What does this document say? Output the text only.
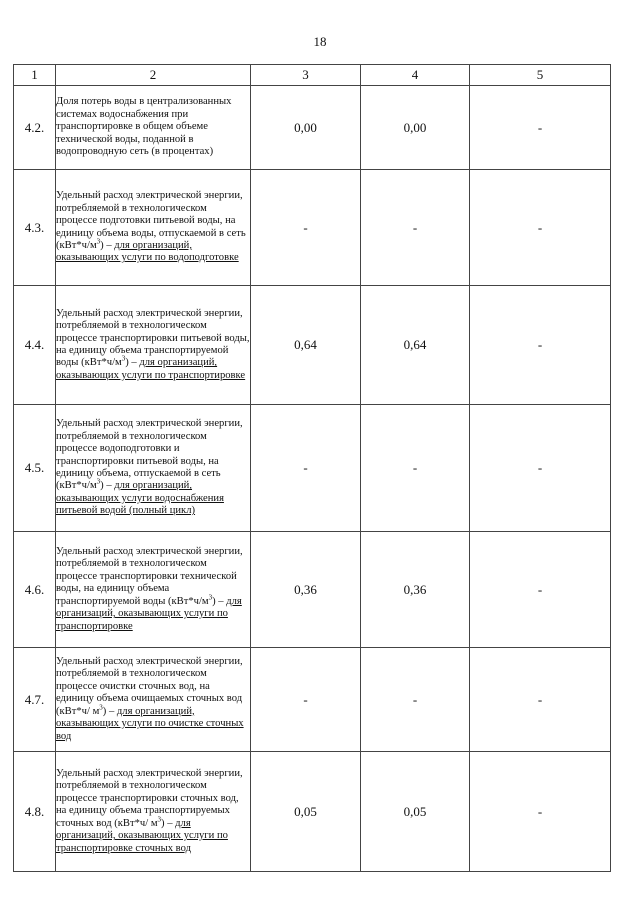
18
1	2	3	4	5
4.2.	Доля потерь воды в централизованных системах водоснабжения при транспортировке в общем объеме технической воды, поданной в водопроводную сеть (в процентах)	0,00	0,00	-
4.3.	Удельный расход электрической энергии, потребляемой в технологическом процессе подготовки питьевой воды, на единицу объема воды, отпускаемой в сеть $(кВт*ч/м^3)$ – для организаций, оказывающих услуги по водоподготовке	-	-	-
4.4.	Удельный расход электрической энергии, потребляемой в технологическом процессе транспортировки питьевой воды, на единицу объема транспортируемой воды $(кВт*ч/м^3)$ – для организаций, оказывающих услуги по транспортировке	0,64	0,64	-
4.5.	Удельный расход электрической энергии, потребляемой в технологическом процессе водоподготовки и транспортировки питьевой воды, на единицу объема, отпускаемой в сеть $(кВт*ч/м^3)$ – для организаций, оказывающих услуги водоснабжения питьевой водой (полный цикл)	-	-	-
4.6.	Удельный расход электрической энергии, потребляемой в технологическом процессе транспортировки технической воды, на единицу объема транспортируемой воды $(кВт*ч/м^3)$ – для организаций, оказывающих услуги по транспортировке	0,36	0,36	-
4.7.	Удельный расход электрической энергии, потребляемой в технологическом процессе очистки сточных вод, на единицу объема очищаемых сточных вод (кВт*ч/ $м^3$) – для организаций, оказывающих услуги по очистке сточных вод	-	-	-
4.8.	Удельный расход электрической энергии, потребляемой в технологическом процессе транспортировки сточных вод, на единицу объема транспортируемых сточных вод (кВт*ч/ $м^3$) – для организаций, оказывающих услуги по транспортировке сточных вод	0,05	0,05	-
